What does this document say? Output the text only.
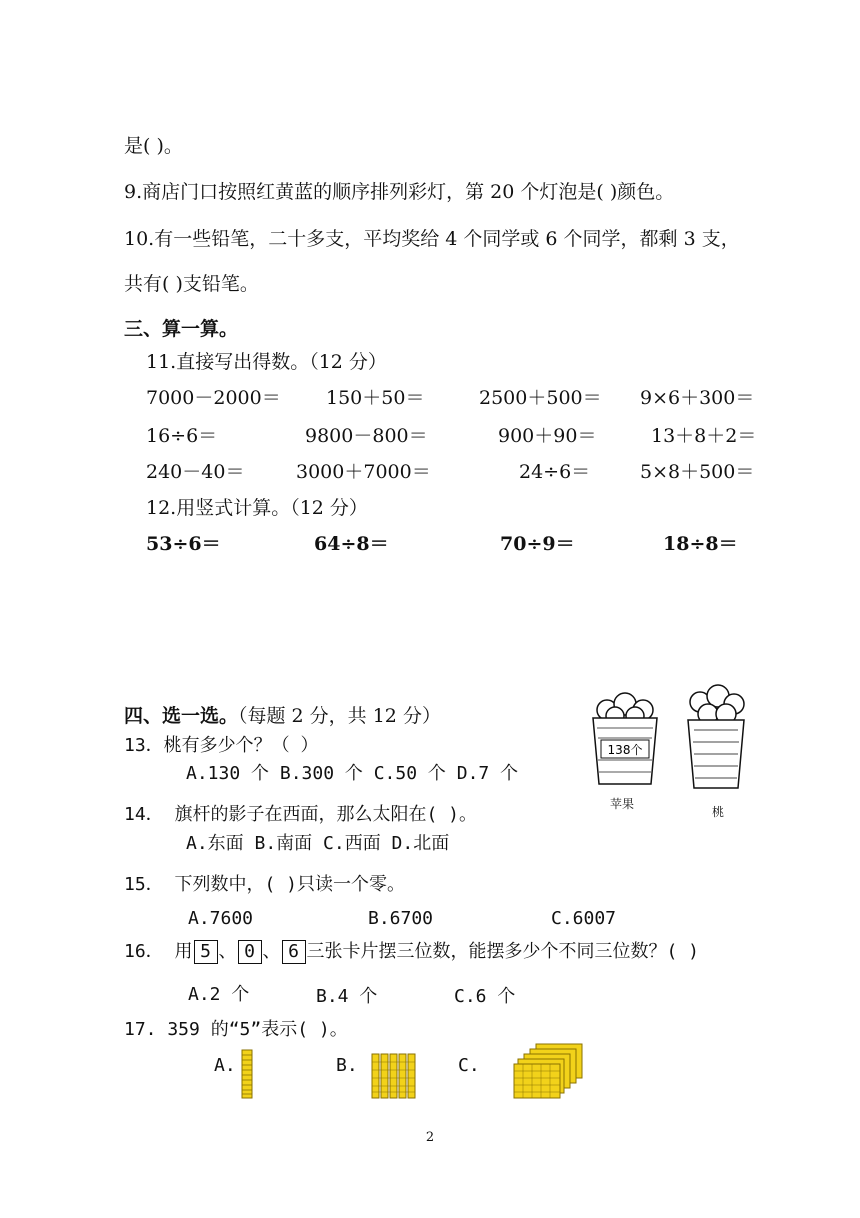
是( )。
9.商店门口按照红黄蓝的顺序排列彩灯，第 20 个灯泡是( )颜色。
10.有一些铅笔，二十多支，平均奖给 4 个同学或 6 个同学，都剩 3 支，
共有( )支铅笔。
三、算一算。
11.直接写出得数。（12 分）
7000－2000＝ 150＋50＝	2500＋500＝ 9×6＋300＝
16÷6＝	9800－800＝	900＋90＝	13＋8＋2＝
240－40＝	3000＋7000＝	24÷6＝	5×8＋500＝
12.用竖式计算。（12 分）
53÷6＝	64÷8＝	70÷9＝	18÷8＝
四、选一选。（每题 2 分，共 12 分）
13．桃有多少个？（ ）
A.130 个 B.300 个 C.50 个 D.7 个
14． 旗杆的影子在西面，那么太阳在( )。
A.东面 B.南面 C.西面 D.北面
15． 下列数中，( )只读一个零。
A.7600	B.6700	C.6007
16． 用 5 、 0 、 6 三张卡片摆三位数，能摆多少个不同三位数？( )
A.2 个	B.4 个	C.6 个
17. 359 的“5”表示( )。
A.	B.	C.
138个
苹果
桃
2
